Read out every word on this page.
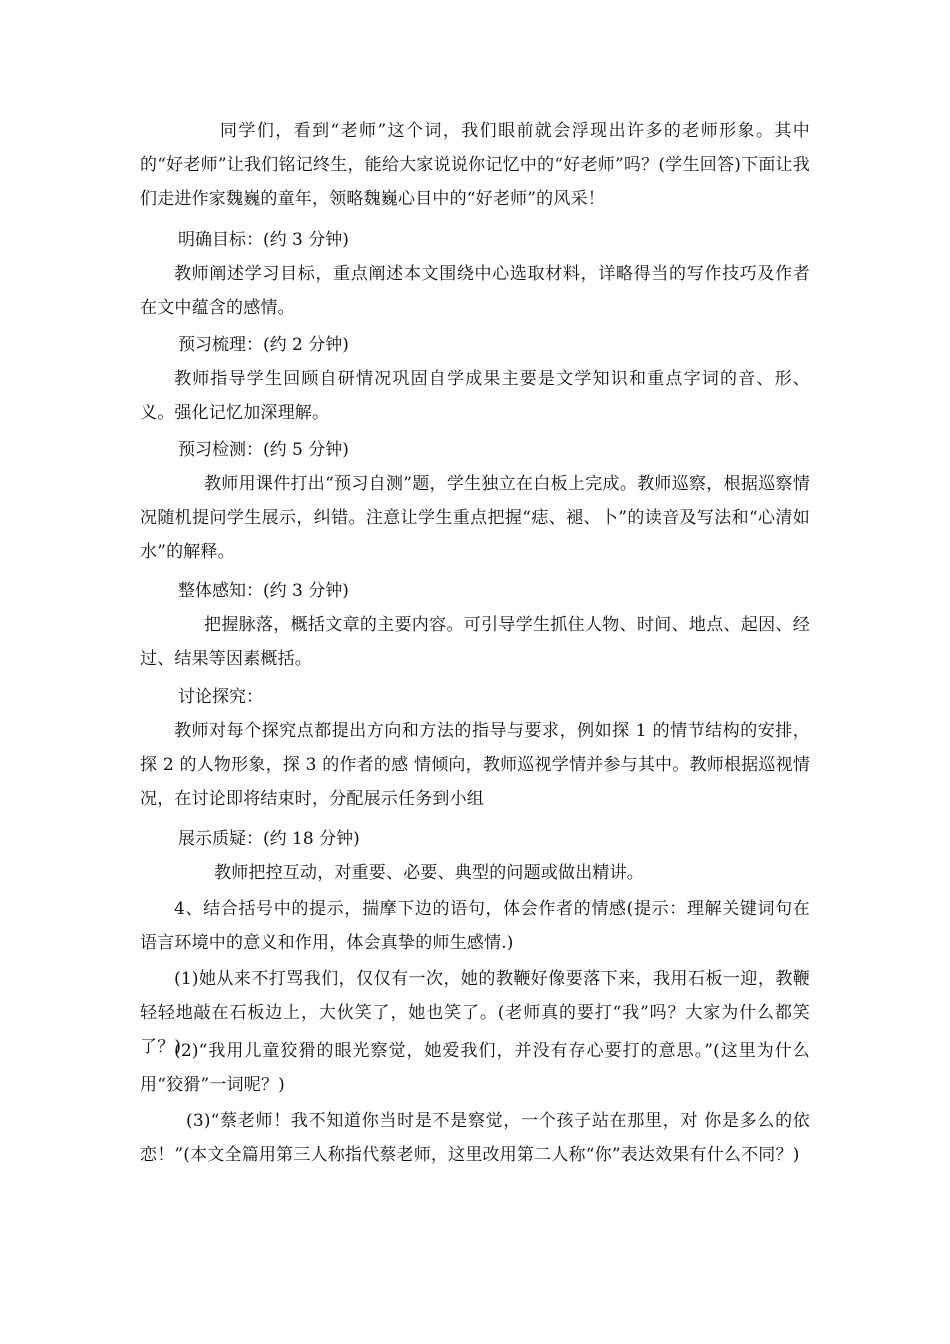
同学们，看到“老师”这个词，我们眼前就会浮现出许多的老师形象。其中的“好老师”让我们铭记终生，能给大家说说你记忆中的“好老师”吗？(学生回答)下面让我们走进作家魏巍的童年，领略魏巍心目中的“好老师”的风采！
明确目标：(约 3 分钟)
教师阐述学习目标，重点阐述本文围绕中心选取材料，详略得当的写作技巧及作者在文中蕴含的感情。
预习梳理：(约 2 分钟)
教师指导学生回顾自研情况巩固自学成果主要是文学知识和重点字词的音、形、义。强化记忆加深理解。
预习检测：(约 5 分钟)
教师用课件打出“预习自测”题，学生独立在白板上完成。教师巡察，根据巡察情况随机提问学生展示，纠错。注意让学生重点把握“痣、褪、卜”的读音及写法和“心清如水”的解释。
整体感知：(约 3 分钟)
把握脉落，概括文章的主要内容。可引导学生抓住人物、时间、地点、起因、经过、结果等因素概括。
讨论探究：
教师对每个探究点都提出方向和方法的指导与要求，例如探 1 的情节结构的安排，探 2 的人物形象，探 3 的作者的感 情倾向，教师巡视学情并参与其中。教师根据巡视情况，在讨论即将结束时，分配展示任务到小组
展示质疑：(约 18 分钟)
教师把控互动，对重要、必要、典型的问题或做出精讲。
4、结合括号中的提示，揣摩下边的语句，体会作者的情感(提示：理解关键词句在语言环境中的意义和作用，体会真挚的师生感情.)
(1)她从来不打骂我们，仅仅有一次，她的教鞭好像要落下来，我用石板一迎，教鞭轻轻地敲在石板边上，大伙笑了，她也笑了。(老师真的要打“我”吗？大家为什么都笑了？)
(2)“我用儿童狡猾的眼光察觉，她爱我们，并没有存心要打的意思。”(这里为什么用“狡猾”一词呢？)
(3)“蔡老师！我不知道你当时是不是察觉，一个孩子站在那里，对 你是多么的依恋！”(本文全篇用第三人称指代蔡老师，这里改用第二人称“你”表达效果有什么不同？)
